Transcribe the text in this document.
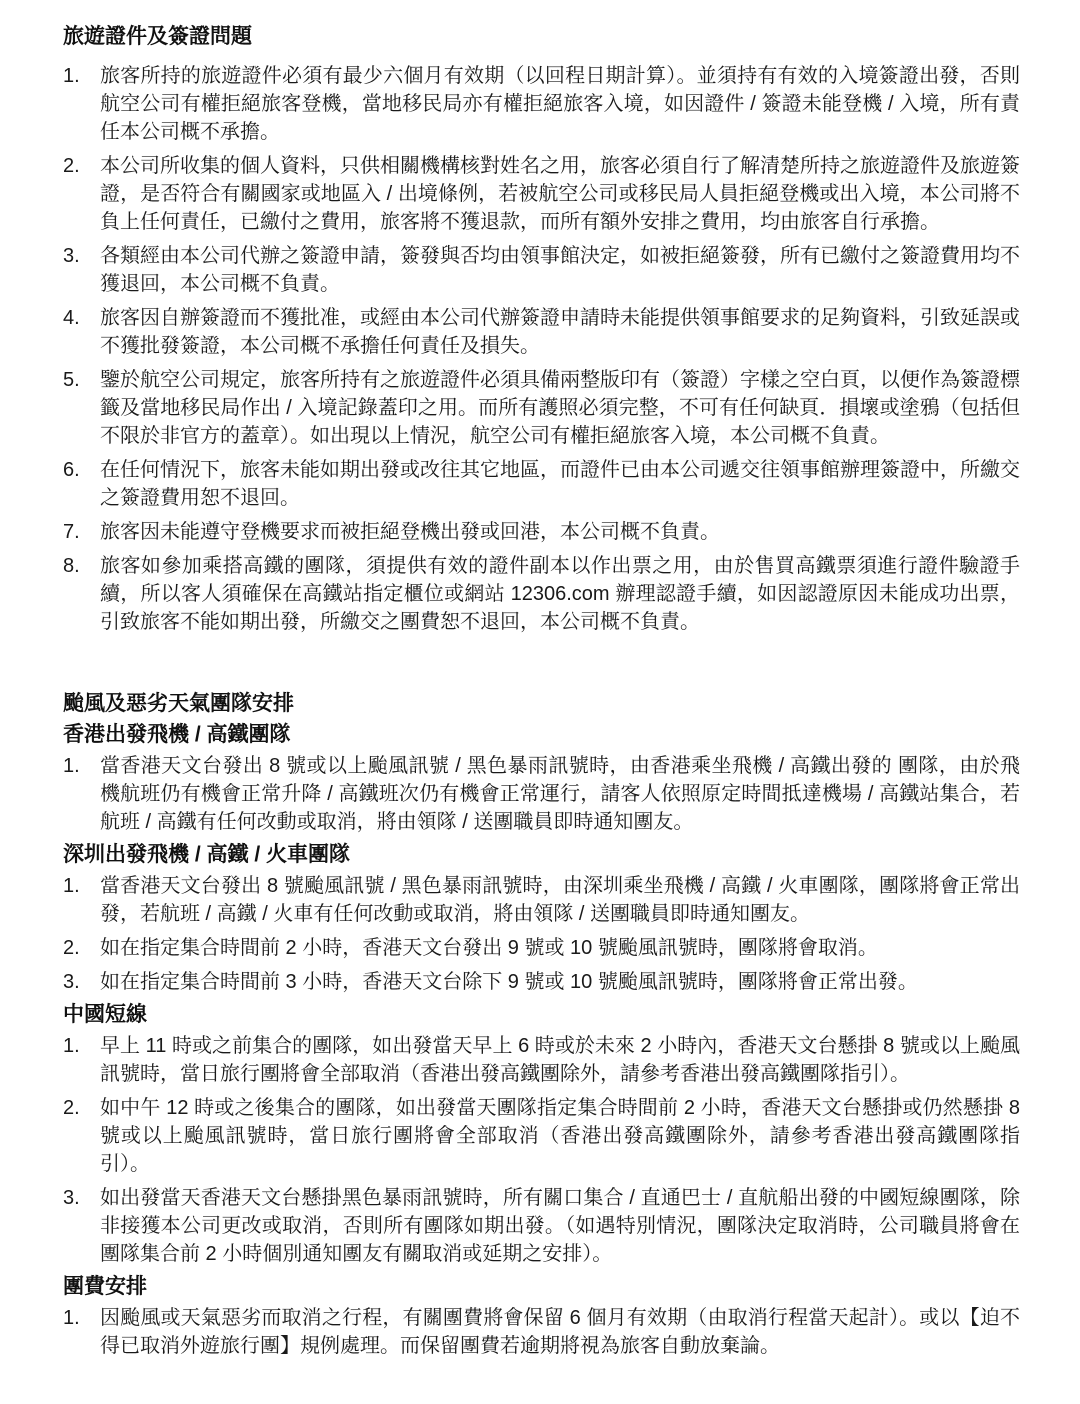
旅遊證件及簽證問題
1. 旅客所持的旅遊證件必須有最少六個月有效期（以回程日期計算）。並須持有有效的入境簽證出發，否則航空公司有權拒絕旅客登機，當地移民局亦有權拒絕旅客入境，如因證件 / 簽證未能登機 / 入境，所有責任本公司概不承擔。
2. 本公司所收集的個人資料，只供相關機構核對姓名之用，旅客必須自行了解清楚所持之旅遊證件及旅遊簽證，是否符合有關國家或地區入 / 出境條例，若被航空公司或移民局人員拒絕登機或出入境，本公司將不負上任何責任，已繳付之費用，旅客將不獲退款，而所有額外安排之費用，均由旅客自行承擔。
3. 各類經由本公司代辦之簽證申請，簽發與否均由領事館決定，如被拒絕簽發，所有已繳付之簽證費用均不獲退回，本公司概不負責。
4. 旅客因自辦簽證而不獲批准，或經由本公司代辦簽證申請時未能提供領事館要求的足夠資料，引致延誤或不獲批發簽證，本公司概不承擔任何責任及損失。
5. 鑒於航空公司規定，旅客所持有之旅遊證件必須具備兩整版印有（簽證）字樣之空白頁，以便作為簽證標籤及當地移民局作出 / 入境記錄蓋印之用。而所有護照必須完整，不可有任何缺頁．損壞或塗鴉（包括但不限於非官方的蓋章）。如出現以上情況，航空公司有權拒絕旅客入境，本公司概不負責。
6. 在任何情況下，旅客未能如期出發或改往其它地區，而證件已由本公司遞交往領事館辦理簽證中，所繳交之簽證費用恕不退回。
7. 旅客因未能遵守登機要求而被拒絕登機出發或回港，本公司概不負責。
8. 旅客如參加乘搭高鐵的團隊，須提供有效的證件副本以作出票之用，由於售買高鐵票須進行證件驗證手續，所以客人須確保在高鐵站指定櫃位或網站 12306.com 辦理認證手續，如因認證原因未能成功出票，引致旅客不能如期出發，所繳交之團費恕不退回，本公司概不負責。
颱風及惡劣天氣團隊安排
香港出發飛機 / 高鐵團隊
1. 當香港天文台發出 8 號或以上颱風訊號 / 黑色暴雨訊號時，由香港乘坐飛機 / 高鐵出發的 團隊，由於飛機航班仍有機會正常升降 / 高鐵班次仍有機會正常運行，請客人依照原定時間抵達機場 / 高鐵站集合，若航班 / 高鐵有任何改動或取消，將由領隊 / 送團職員即時通知團友。
深圳出發飛機 / 高鐵 / 火車團隊
1. 當香港天文台發出 8 號颱風訊號 / 黑色暴雨訊號時，由深圳乘坐飛機 / 高鐵 / 火車團隊，團隊將會正常出發，若航班 / 高鐵 / 火車有任何改動或取消，將由領隊 / 送團職員即時通知團友。
2. 如在指定集合時間前 2 小時，香港天文台發出 9 號或 10 號颱風訊號時，團隊將會取消。
3. 如在指定集合時間前 3 小時，香港天文台除下 9 號或 10 號颱風訊號時，團隊將會正常出發。
中國短線
1. 早上 11 時或之前集合的團隊，如出發當天早上 6 時或於未來 2 小時內，香港天文台懸掛 8 號或以上颱風訊號時，當日旅行團將會全部取消（香港出發高鐵團除外，請參考香港出發高鐵團隊指引）。
2. 如中午 12 時或之後集合的團隊，如出發當天團隊指定集合時間前 2 小時，香港天文台懸掛或仍然懸掛 8 號或以上颱風訊號時，當日旅行團將會全部取消（香港出發高鐵團除外，請參考香港出發高鐵團隊指引）。
3. 如出發當天香港天文台懸掛黑色暴雨訊號時，所有關口集合 / 直通巴士 / 直航船出發的中國短線團隊，除非接獲本公司更改或取消，否則所有團隊如期出發。（如遇特別情況，團隊決定取消時，公司職員將會在團隊集合前 2 小時個別通知團友有關取消或延期之安排）。
團費安排
1. 因颱風或天氣惡劣而取消之行程，有關團費將會保留 6 個月有效期（由取消行程當天起計）。或以【迫不得已取消外遊旅行團】規例處理。而保留團費若逾期將視為旅客自動放棄論。
